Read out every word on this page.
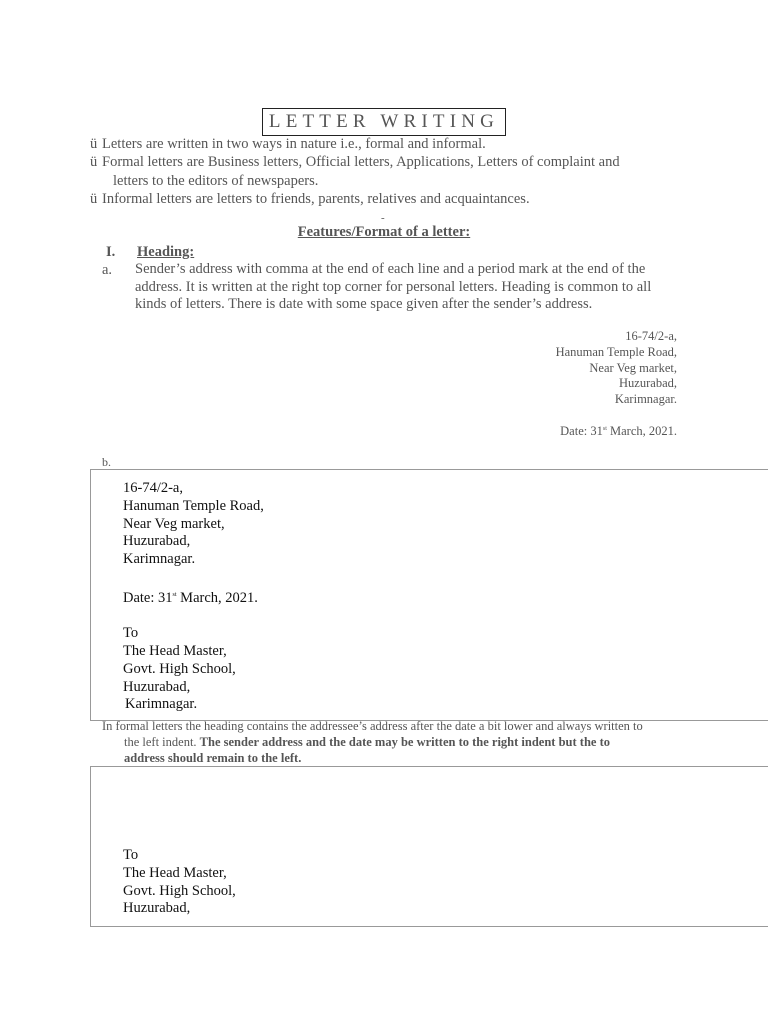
LETTER WRITING
ü Letters are written in two ways in nature i.e., formal and informal.
ü Formal letters are Business letters, Official letters, Applications, Letters of complaint and
letters to the editors of newspapers.
ü Informal letters are letters to friends, parents, relatives and acquaintances.
-
Features/Format of a letter:
I. Heading:
a. Sender’s address with comma at the end of each line and a period mark at the end of the
address. It is written at the right top corner for personal letters. Heading is common to all
kinds of letters. There is date with some space given after the sender’s address.
16-74/2-a,
Hanuman Temple Road,
Near Veg market,
Huzurabad,
Karimnagar.
Date: 31st March, 2021.
b.
16-74/2-a,
Hanuman Temple Road,
Near Veg market,
Huzurabad,
Karimnagar.
Date: 31st March, 2021.
To
The Head Master,
Govt. High School,
Huzurabad,
Karimnagar.
In formal letters the heading contains the addressee’s address after the date a bit lower and always written to
the left indent. The sender address and the date may be written to the right indent but the to
address should remain to the left.
To
The Head Master,
Govt. High School,
Huzurabad,
